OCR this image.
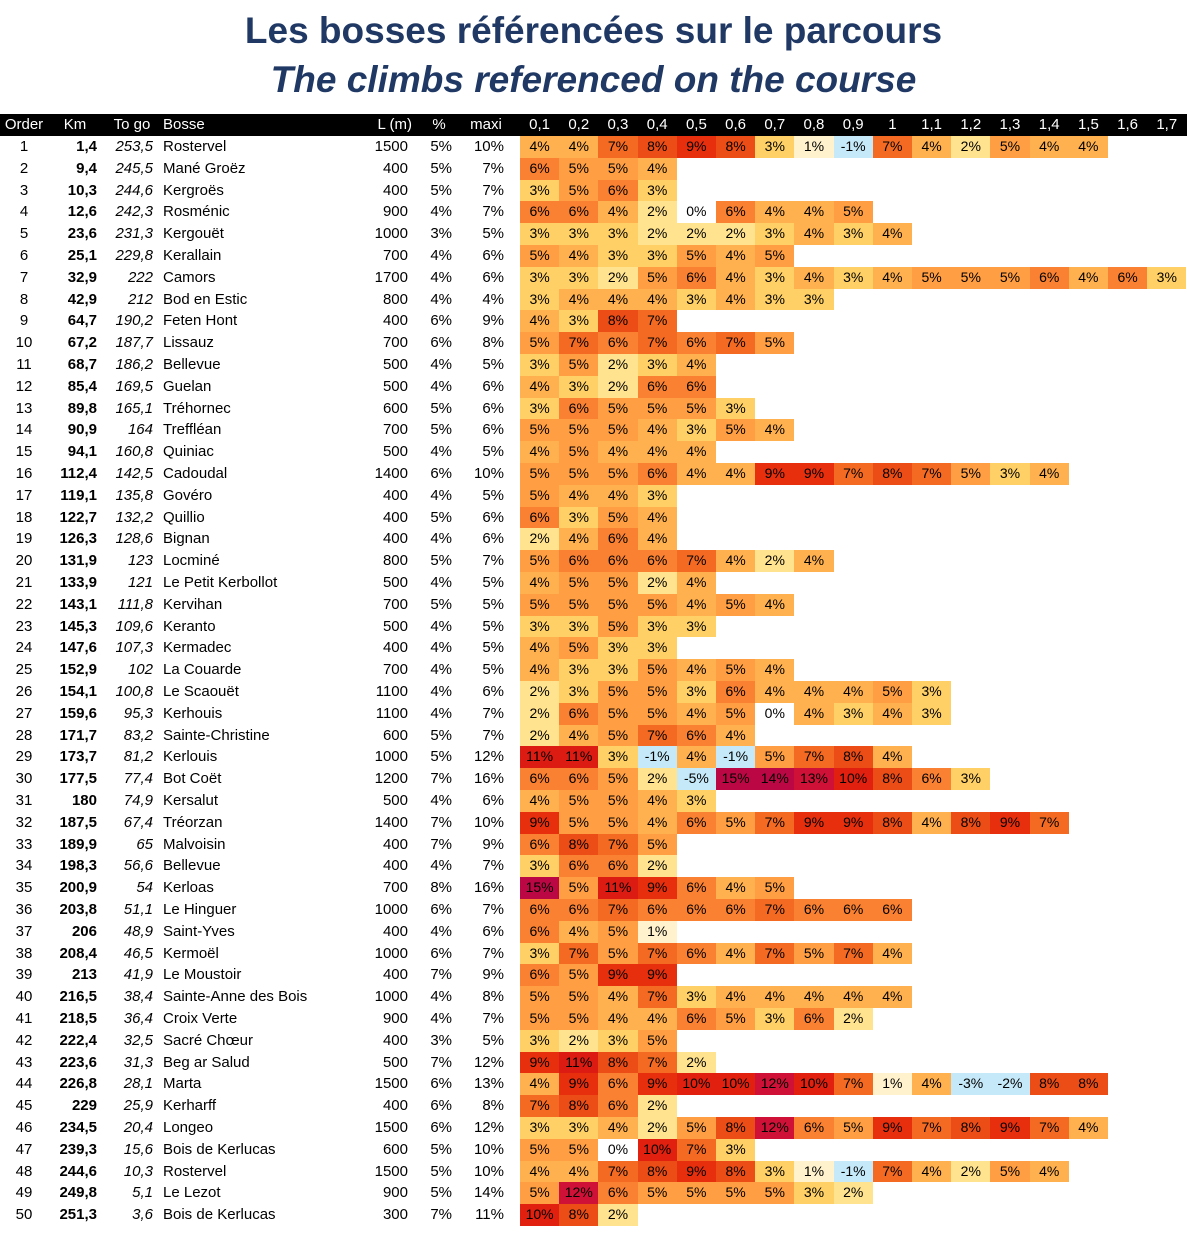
Les bosses référencées sur le parcours
The climbs referenced on the course
Order	Km	To go Bosse	L (m)	%	maxi	0,1	0,2	0,3	0,4	0,5	0,6	0,7	0,8	0,9	1	1,1	1,2	1,3	1,4	1,5	1,6	1,7
1	1,4	253,5 Rostervel	1500	5%	10%	4%	4%	7%	8%	9%	8%	3%	1%	-1%	7%	4%	2%	5%	4%	4%
2	9,4	245,5 Mané Groëz	400	5%	7%	6%	5%	5%	4%
3	10,3	244,6 Kergroës	400	5%	7%	3%	5%	6%	3%
4	12,6	242,3 Rosménic	900	4%	7%	6%	6%	4%	2%	0%	6%	4%	4%	5%
5	23,6	231,3 Kergouët	1000	3%	5%	3%	3%	3%	2%	2%	2%	3%	4%	3%	4%
6	25,1	229,8 Kerallain	700	4%	6%	5%	4%	3%	3%	5%	4%	5%
7	32,9	222 Camors	1700	4%	6%	3%	3%	2%	5%	6%	4%	3%	4%	3%	4%	5%	5%	5%	6%	4%	6%	3%
8	42,9	212 Bod en Estic	800	4%	4%	3%	4%	4%	4%	3%	4%	3%	3%
9	64,7	190,2 Feten Hont	400	6%	9%	4%	3%	8%	7%
10	67,2	187,7 Lissauz	700	6%	8%	5%	7%	6%	7%	6%	7%	5%
11	68,7	186,2 Bellevue	500	4%	5%	3%	5%	2%	3%	4%
12	85,4	169,5 Guelan	500	4%	6%	4%	3%	2%	6%	6%
13	89,8	165,1 Tréhornec	600	5%	6%	3%	6%	5%	5%	5%	3%
14	90,9	164 Treffléan	700	5%	6%	5%	5%	5%	4%	3%	5%	4%
15	94,1	160,8 Quiniac	500	4%	5%	4%	5%	4%	4%	4%
16	112,4	142,5 Cadoudal	1400	6%	10%	5%	5%	5%	6%	4%	4%	9%	9%	7%	8%	7%	5%	3%	4%
17	119,1	135,8 Govéro	400	4%	5%	5%	4%	4%	3%
18	122,7	132,2 Quillio	400	5%	6%	6%	3%	5%	4%
19	126,3	128,6 Bignan	400	4%	6%	2%	4%	6%	4%
20	131,9	123 Locminé	800	5%	7%	5%	6%	6%	6%	7%	4%	2%	4%
21	133,9	121 Le Petit Kerbollot	500	4%	5%	4%	5%	5%	2%	4%
22	143,1	111,8 Kervihan	700	5%	5%	5%	5%	5%	5%	4%	5%	4%
23	145,3	109,6 Keranto	500	4%	5%	3%	3%	5%	3%	3%
24	147,6	107,3 Kermadec	400	4%	5%	4%	5%	3%	3%
25	152,9	102 La Couarde	700	4%	5%	4%	3%	3%	5%	4%	5%	4%
26	154,1	100,8 Le Scaouët	1100	4%	6%	2%	3%	5%	5%	3%	6%	4%	4%	4%	5%	3%
27	159,6	95,3 Kerhouis	1100	4%	7%	2%	6%	5%	5%	4%	5%	0%	4%	3%	4%	3%
28	171,7	83,2 Sainte-Christine	600	5%	7%	2%	4%	5%	7%	6%	4%
29	173,7	81,2 Kerlouis	1000	5%	12%	11% 11%	3%	-1%	4%	-1%	5%	7%	8%	4%
30	177,5	77,4 Bot Coët	1200	7%	16%	6%	6%	5%	2%	-5% 15% 14% 13% 10%	8%	6%	3%
31	180	74,9 Kersalut	500	4%	6%	4%	5%	5%	4%	3%
32	187,5	67,4 Tréorzan	1400	7%	10%	9%	5%	5%	4%	6%	5%	7%	9%	9%	8%	4%	8%	9%	7%
33	189,9	65 Malvoisin	400	7%	9%	6%	8%	7%	5%
34	198,3	56,6 Bellevue	400	4%	7%	3%	6%	6%	2%
35	200,9	54 Kerloas	700	8%	16%	15%	5%	11%	9%	6%	4%	5%
36	203,8	51,1 Le Hinguer	1000	6%	7%	6%	6%	7%	6%	6%	6%	7%	6%	6%	6%
37	206	48,9 Saint-Yves	400	4%	6%	6%	4%	5%	1%
38	208,4	46,5 Kermoël	1000	6%	7%	3%	7%	5%	7%	6%	4%	7%	5%	7%	4%
39	213	41,9 Le Moustoir	400	7%	9%	6%	5%	9%	9%
40	216,5	38,4 Sainte-Anne des Bois	1000	4%	8%	5%	5%	4%	7%	3%	4%	4%	4%	4%	4%
41	218,5	36,4 Croix Verte	900	4%	7%	5%	5%	4%	4%	6%	5%	3%	6%	2%
42	222,4	32,5 Sacré Chœur	400	3%	5%	3%	2%	3%	5%
43	223,6	31,3 Beg ar Salud	500	7%	12%	9%	11%	8%	7%	2%
44	226,8	28,1 Marta	1500	6%	13%	4%	9%	6%	9%	10% 10% 12% 10%	7%	1%	4%	-3%	-2%	8%	8%
45	229	25,9 Kerharff	400	6%	8%	7%	8%	6%	2%
46	234,5	20,4 Longeo	1500	6%	12%	3%	3%	4%	2%	5%	8%	12%	6%	5%	9%	7%	8%	9%	7%	4%
47	239,3	15,6 Bois de Kerlucas	600	5%	10%	5%	5%	0%	10%	7%	3%
48	244,6	10,3 Rostervel	1500	5%	10%	4%	4%	7%	8%	9%	8%	3%	1%	-1%	7%	4%	2%	5%	4%
49	249,8	5,1 Le Lezot	900	5%	14%	5%	12%	6%	5%	5%	5%	5%	3%	2%
50	251,3	3,6 Bois de Kerlucas	300	7%	11%	10%	8%	2%
